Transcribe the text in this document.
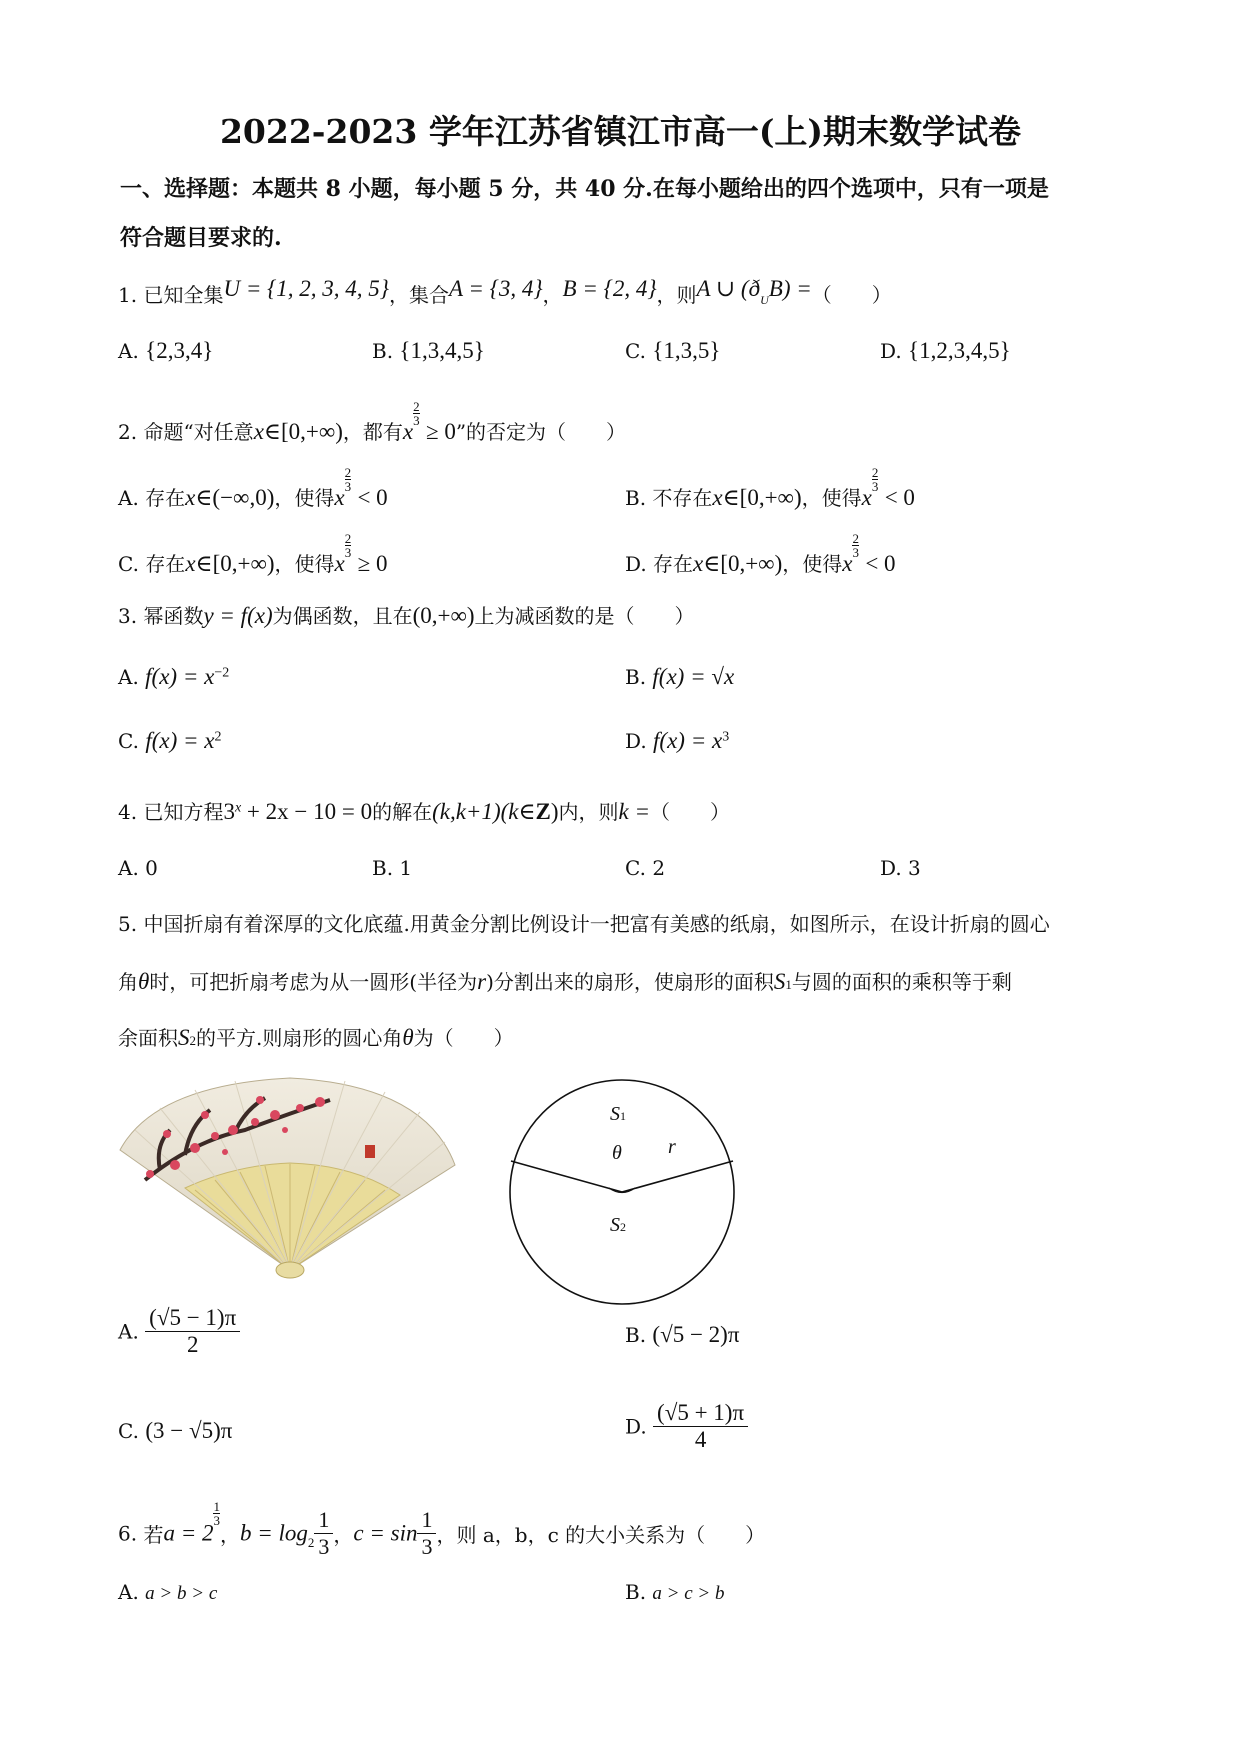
2022-2023 学年江苏省镇江市高一(上)期末数学试卷
一、选择题：本题共 8 小题，每小题 5 分，共 40 分.在每小题给出的四个选项中，只有一项是
符合题目要求的.
1. 已知全集U = {1, 2, 3, 4, 5}，集合A = {3, 4}，B = {2, 4}，则A ∪ (ðUB) =（　　）
A. {2,3,4}	B. {1,3,4,5}	C. {1,3,5}	D. {1,2,3,4,5}
2. 命题“对任意x∈[0,+∞)，都有x
$\frac{2}{3}$
≥ 0”的否定为（　　）
A. 存在x∈(−∞,0)，使得x
$\frac{2}{3}$
< 0	B. 不存在x∈[0,+∞)，使得x
$\frac{2}{3}$
< 0
C. 存在x∈[0,+∞)，使得x
$\frac{2}{3}$
≥ 0	D. 存在x∈[0,+∞)，使得x
$\frac{2}{3}$
< 0
3. 幂函数y = f(x)为偶函数，且在(0,+∞)上为减函数的是（　　）
A. $f(x) = x^{-2}$	B. f(x) = √x
C. $f(x) = x^2$	D. $f(x) = x^3$
4. 已知方程$3^x + 2x - 10 = 0$的解在(k,k+1)(k∈Z)内，则k =（　　）
A. 0	B. 1	C. 2	D. 3
5. 中国折扇有着深厚的文化底蕴.用黄金分割比例设计一把富有美感的纸扇，如图所示，在设计折扇的圆心
角θ时，可把折扇考虑为从一圆形(半径为r)分割出来的扇形，使扇形的面积S1与圆的面积的乘积等于剩
余面积S2的平方.则扇形的圆心角θ为（　　）
S1
θ r
S2
A. $\frac{(√5 - 1)\pi}{2}$	B. (√5 − 2)π
C. (3 − √5)π	D. $\frac{(√5 + 1)\pi}{4}$
6. 若a = 2
$\frac{1}{3}$
，$b = \log_2 \frac{1}{3}$ ，$c = \sin \frac{1}{3}$ ，则 a，b，c 的大小关系为（　　）
A. a > b > c	B. a > c > b
